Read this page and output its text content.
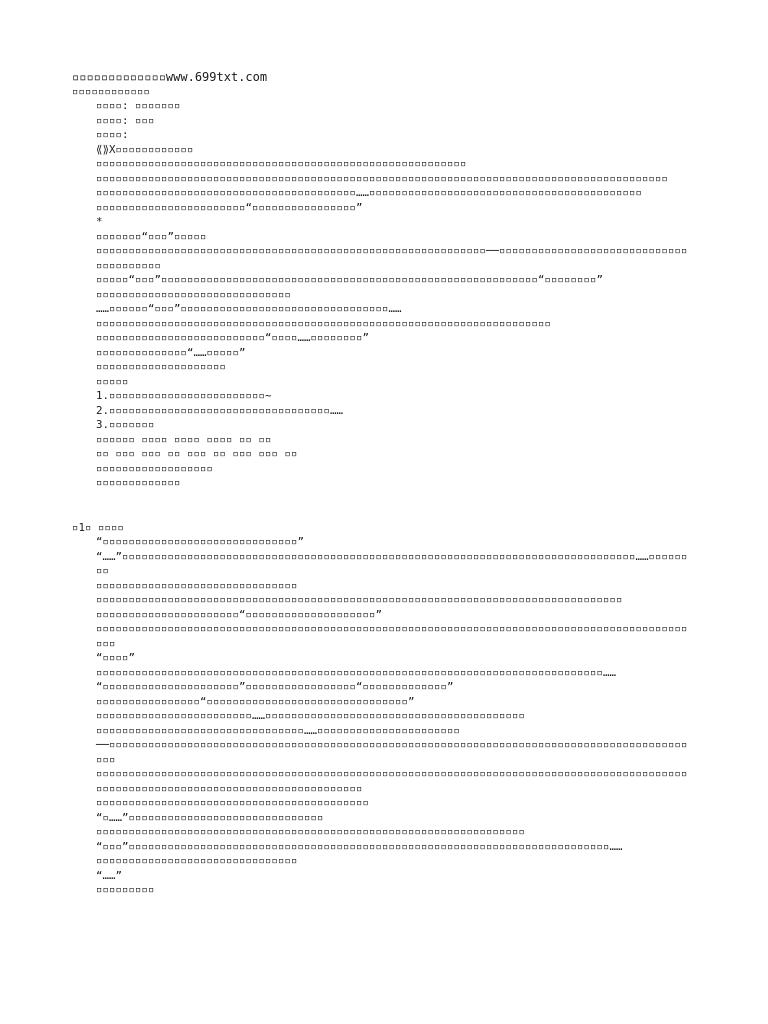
▫▫▫▫▫▫▫▫▫▫▫▫▫www.699txt.com
▫▫▫▫▫▫▫▫▫▫▫▫
▫▫▫▫: ▫▫▫▫▫▫▫
▫▫▫▫: ▫▫▫
▫▫▫▫:
⟪⟫X▫▫▫▫▫▫▫▫▫▫▫▫
▫▫▫▫▫▫▫▫▫▫▫▫▫▫▫▫▫▫▫▫▫▫▫▫▫▫▫▫▫▫▫▫▫▫▫▫▫▫▫▫▫▫▫▫▫▫▫▫▫▫▫▫▫▫▫▫▫
▫▫▫▫▫▫▫▫▫▫▫▫▫▫▫▫▫▫▫▫▫▫▫▫▫▫▫▫▫▫▫▫▫▫▫▫▫▫▫▫▫▫▫▫▫▫▫▫▫▫▫▫▫▫▫▫▫▫▫▫▫▫▫▫▫▫▫▫▫▫▫▫▫▫▫▫▫▫▫▫▫▫▫▫▫▫▫▫
▫▫▫▫▫▫▫▫▫▫▫▫▫▫▫▫▫▫▫▫▫▫▫▫▫▫▫▫▫▫▫▫▫▫▫▫▫▫▫▫……▫▫▫▫▫▫▫▫▫▫▫▫▫▫▫▫▫▫▫▫▫▫▫▫▫▫▫▫▫▫▫▫▫▫▫▫▫▫▫▫▫▫
▫▫▫▫▫▫▫▫▫▫▫▫▫▫▫▫▫▫▫▫▫▫▫“▫▫▫▫▫▫▫▫▫▫▫▫▫▫▫▫”
*
▫▫▫▫▫▫▫“▫▫▫”▫▫▫▫▫
▫▫▫▫▫▫▫▫▫▫▫▫▫▫▫▫▫▫▫▫▫▫▫▫▫▫▫▫▫▫▫▫▫▫▫▫▫▫▫▫▫▫▫▫▫▫▫▫▫▫▫▫▫▫▫▫▫▫▫▫──▫▫▫▫▫▫▫▫▫▫▫▫▫▫▫▫▫▫▫▫▫▫▫▫▫▫▫▫▫▫▫▫▫▫▫▫▫▫▫
▫▫▫▫▫“▫▫▫”▫▫▫▫▫▫▫▫▫▫▫▫▫▫▫▫▫▫▫▫▫▫▫▫▫▫▫▫▫▫▫▫▫▫▫▫▫▫▫▫▫▫▫▫▫▫▫▫▫▫▫▫▫▫▫▫▫▫“▫▫▫▫▫▫▫▫”
▫▫▫▫▫▫▫▫▫▫▫▫▫▫▫▫▫▫▫▫▫▫▫▫▫▫▫▫▫▫
……▫▫▫▫▫▫“▫▫▫”▫▫▫▫▫▫▫▫▫▫▫▫▫▫▫▫▫▫▫▫▫▫▫▫▫▫▫▫▫▫▫▫……
▫▫▫▫▫▫▫▫▫▫▫▫▫▫▫▫▫▫▫▫▫▫▫▫▫▫▫▫▫▫▫▫▫▫▫▫▫▫▫▫▫▫▫▫▫▫▫▫▫▫▫▫▫▫▫▫▫▫▫▫▫▫▫▫▫▫▫▫▫▫
▫▫▫▫▫▫▫▫▫▫▫▫▫▫▫▫▫▫▫▫▫▫▫▫▫▫“▫▫▫▫……▫▫▫▫▫▫▫▫”
▫▫▫▫▫▫▫▫▫▫▫▫▫▫“……▫▫▫▫▫”
▫▫▫▫▫▫▫▫▫▫▫▫▫▫▫▫▫▫▫▫
▫▫▫▫▫
1.▫▫▫▫▫▫▫▫▫▫▫▫▫▫▫▫▫▫▫▫▫▫▫▫~
2.▫▫▫▫▫▫▫▫▫▫▫▫▫▫▫▫▫▫▫▫▫▫▫▫▫▫▫▫▫▫▫▫▫▫……
3.▫▫▫▫▫▫▫
▫▫▫▫▫▫ ▫▫▫▫ ▫▫▫▫ ▫▫▫▫ ▫▫ ▫▫
▫▫ ▫▫▫ ▫▫▫ ▫▫ ▫▫▫ ▫▫ ▫▫▫ ▫▫▫ ▫▫
▫▫▫▫▫▫▫▫▫▫▫▫▫▫▫▫▫▫
▫▫▫▫▫▫▫▫▫▫▫▫▫
▫1▫ ▫▫▫▫
“▫▫▫▫▫▫▫▫▫▫▫▫▫▫▫▫▫▫▫▫▫▫▫▫▫▫▫▫▫▫”
“……”▫▫▫▫▫▫▫▫▫▫▫▫▫▫▫▫▫▫▫▫▫▫▫▫▫▫▫▫▫▫▫▫▫▫▫▫▫▫▫▫▫▫▫▫▫▫▫▫▫▫▫▫▫▫▫▫▫▫▫▫▫▫▫▫▫▫▫▫▫▫▫▫▫▫▫▫▫▫▫……▫▫▫▫▫▫▫▫
▫▫▫▫▫▫▫▫▫▫▫▫▫▫▫▫▫▫▫▫▫▫▫▫▫▫▫▫▫▫▫
▫▫▫▫▫▫▫▫▫▫▫▫▫▫▫▫▫▫▫▫▫▫▫▫▫▫▫▫▫▫▫▫▫▫▫▫▫▫▫▫▫▫▫▫▫▫▫▫▫▫▫▫▫▫▫▫▫▫▫▫▫▫▫▫▫▫▫▫▫▫▫▫▫▫▫▫▫▫▫▫▫
▫▫▫▫▫▫▫▫▫▫▫▫▫▫▫▫▫▫▫▫▫▫“▫▫▫▫▫▫▫▫▫▫▫▫▫▫▫▫▫▫▫▫”
▫▫▫▫▫▫▫▫▫▫▫▫▫▫▫▫▫▫▫▫▫▫▫▫▫▫▫▫▫▫▫▫▫▫▫▫▫▫▫▫▫▫▫▫▫▫▫▫▫▫▫▫▫▫▫▫▫▫▫▫▫▫▫▫▫▫▫▫▫▫▫▫▫▫▫▫▫▫▫▫▫▫▫▫▫▫▫▫▫▫▫▫▫▫
“▫▫▫▫”
▫▫▫▫▫▫▫▫▫▫▫▫▫▫▫▫▫▫▫▫▫▫▫▫▫▫▫▫▫▫▫▫▫▫▫▫▫▫▫▫▫▫▫▫▫▫▫▫▫▫▫▫▫▫▫▫▫▫▫▫▫▫▫▫▫▫▫▫▫▫▫▫▫▫▫▫▫▫……
“▫▫▫▫▫▫▫▫▫▫▫▫▫▫▫▫▫▫▫▫▫”▫▫▫▫▫▫▫▫▫▫▫▫▫▫▫▫▫“▫▫▫▫▫▫▫▫▫▫▫▫▫”
▫▫▫▫▫▫▫▫▫▫▫▫▫▫▫▫“▫▫▫▫▫▫▫▫▫▫▫▫▫▫▫▫▫▫▫▫▫▫▫▫▫▫▫▫▫▫▫”
▫▫▫▫▫▫▫▫▫▫▫▫▫▫▫▫▫▫▫▫▫▫▫▫……▫▫▫▫▫▫▫▫▫▫▫▫▫▫▫▫▫▫▫▫▫▫▫▫▫▫▫▫▫▫▫▫▫▫▫▫▫▫▫▫
▫▫▫▫▫▫▫▫▫▫▫▫▫▫▫▫▫▫▫▫▫▫▫▫▫▫▫▫▫▫▫▫……▫▫▫▫▫▫▫▫▫▫▫▫▫▫▫▫▫▫▫▫▫▫
──▫▫▫▫▫▫▫▫▫▫▫▫▫▫▫▫▫▫▫▫▫▫▫▫▫▫▫▫▫▫▫▫▫▫▫▫▫▫▫▫▫▫▫▫▫▫▫▫▫▫▫▫▫▫▫▫▫▫▫▫▫▫▫▫▫▫▫▫▫▫▫▫▫▫▫▫▫▫▫▫▫▫▫▫▫▫▫▫▫▫▫▫
▫▫▫▫▫▫▫▫▫▫▫▫▫▫▫▫▫▫▫▫▫▫▫▫▫▫▫▫▫▫▫▫▫▫▫▫▫▫▫▫▫▫▫▫▫▫▫▫▫▫▫▫▫▫▫▫▫▫▫▫▫▫▫▫▫▫▫▫▫▫▫▫▫▫▫▫▫▫▫▫▫▫▫▫▫▫▫▫▫▫▫▫▫▫▫▫▫▫▫▫▫▫▫▫▫▫▫▫▫▫▫▫▫▫▫▫▫▫▫▫▫▫▫▫▫▫▫▫▫▫▫▫
▫▫▫▫▫▫▫▫▫▫▫▫▫▫▫▫▫▫▫▫▫▫▫▫▫▫▫▫▫▫▫▫▫▫▫▫▫▫▫▫▫▫
“▫……”▫▫▫▫▫▫▫▫▫▫▫▫▫▫▫▫▫▫▫▫▫▫▫▫▫▫▫▫▫▫
▫▫▫▫▫▫▫▫▫▫▫▫▫▫▫▫▫▫▫▫▫▫▫▫▫▫▫▫▫▫▫▫▫▫▫▫▫▫▫▫▫▫▫▫▫▫▫▫▫▫▫▫▫▫▫▫▫▫▫▫▫▫▫▫▫▫
“▫▫▫”▫▫▫▫▫▫▫▫▫▫▫▫▫▫▫▫▫▫▫▫▫▫▫▫▫▫▫▫▫▫▫▫▫▫▫▫▫▫▫▫▫▫▫▫▫▫▫▫▫▫▫▫▫▫▫▫▫▫▫▫▫▫▫▫▫▫▫▫▫▫▫▫▫▫……
▫▫▫▫▫▫▫▫▫▫▫▫▫▫▫▫▫▫▫▫▫▫▫▫▫▫▫▫▫▫▫
“……”
▫▫▫▫▫▫▫▫▫
